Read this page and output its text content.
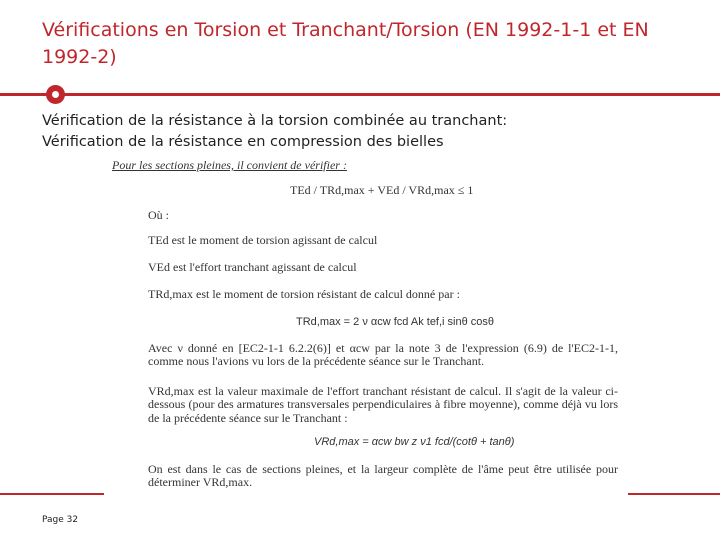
Vérifications en Torsion et Tranchant/Torsion (EN 1992-1-1 et EN 1992-2)
Vérification de la résistance à la torsion combinée au tranchant:
Vérification de la résistance en compression des bielles
Pour les sections pleines, il convient de vérifier :
TEd / TRd,max + VEd / VRd,max ≤ 1
Où :
TEd est le moment de torsion agissant de calcul
VEd est l'effort tranchant agissant de calcul
TRd,max est le moment de torsion résistant de calcul donné par :
TRd,max = 2 ν αcw fcd Ak tef,i sinθ cosθ
Avec ν donné en [EC2-1-1 6.2.2(6)] et αcw par la note 3 de l'expression (6.9) de l'EC2-1-1, comme nous l'avions vu lors de la précédente séance sur le Tranchant.
VRd,max est la valeur maximale de l'effort tranchant résistant de calcul. Il s'agit de la valeur ci-dessous (pour des armatures transversales perpendiculaires à fibre moyenne), comme déjà vu lors de la précédente séance sur le Tranchant :
VRd,max = αcw bw z ν1 fcd/(cotθ + tanθ)
On est dans le cas de sections pleines, et la largeur complète de l'âme peut être utilisée pour déterminer VRd,max.
Page 32
